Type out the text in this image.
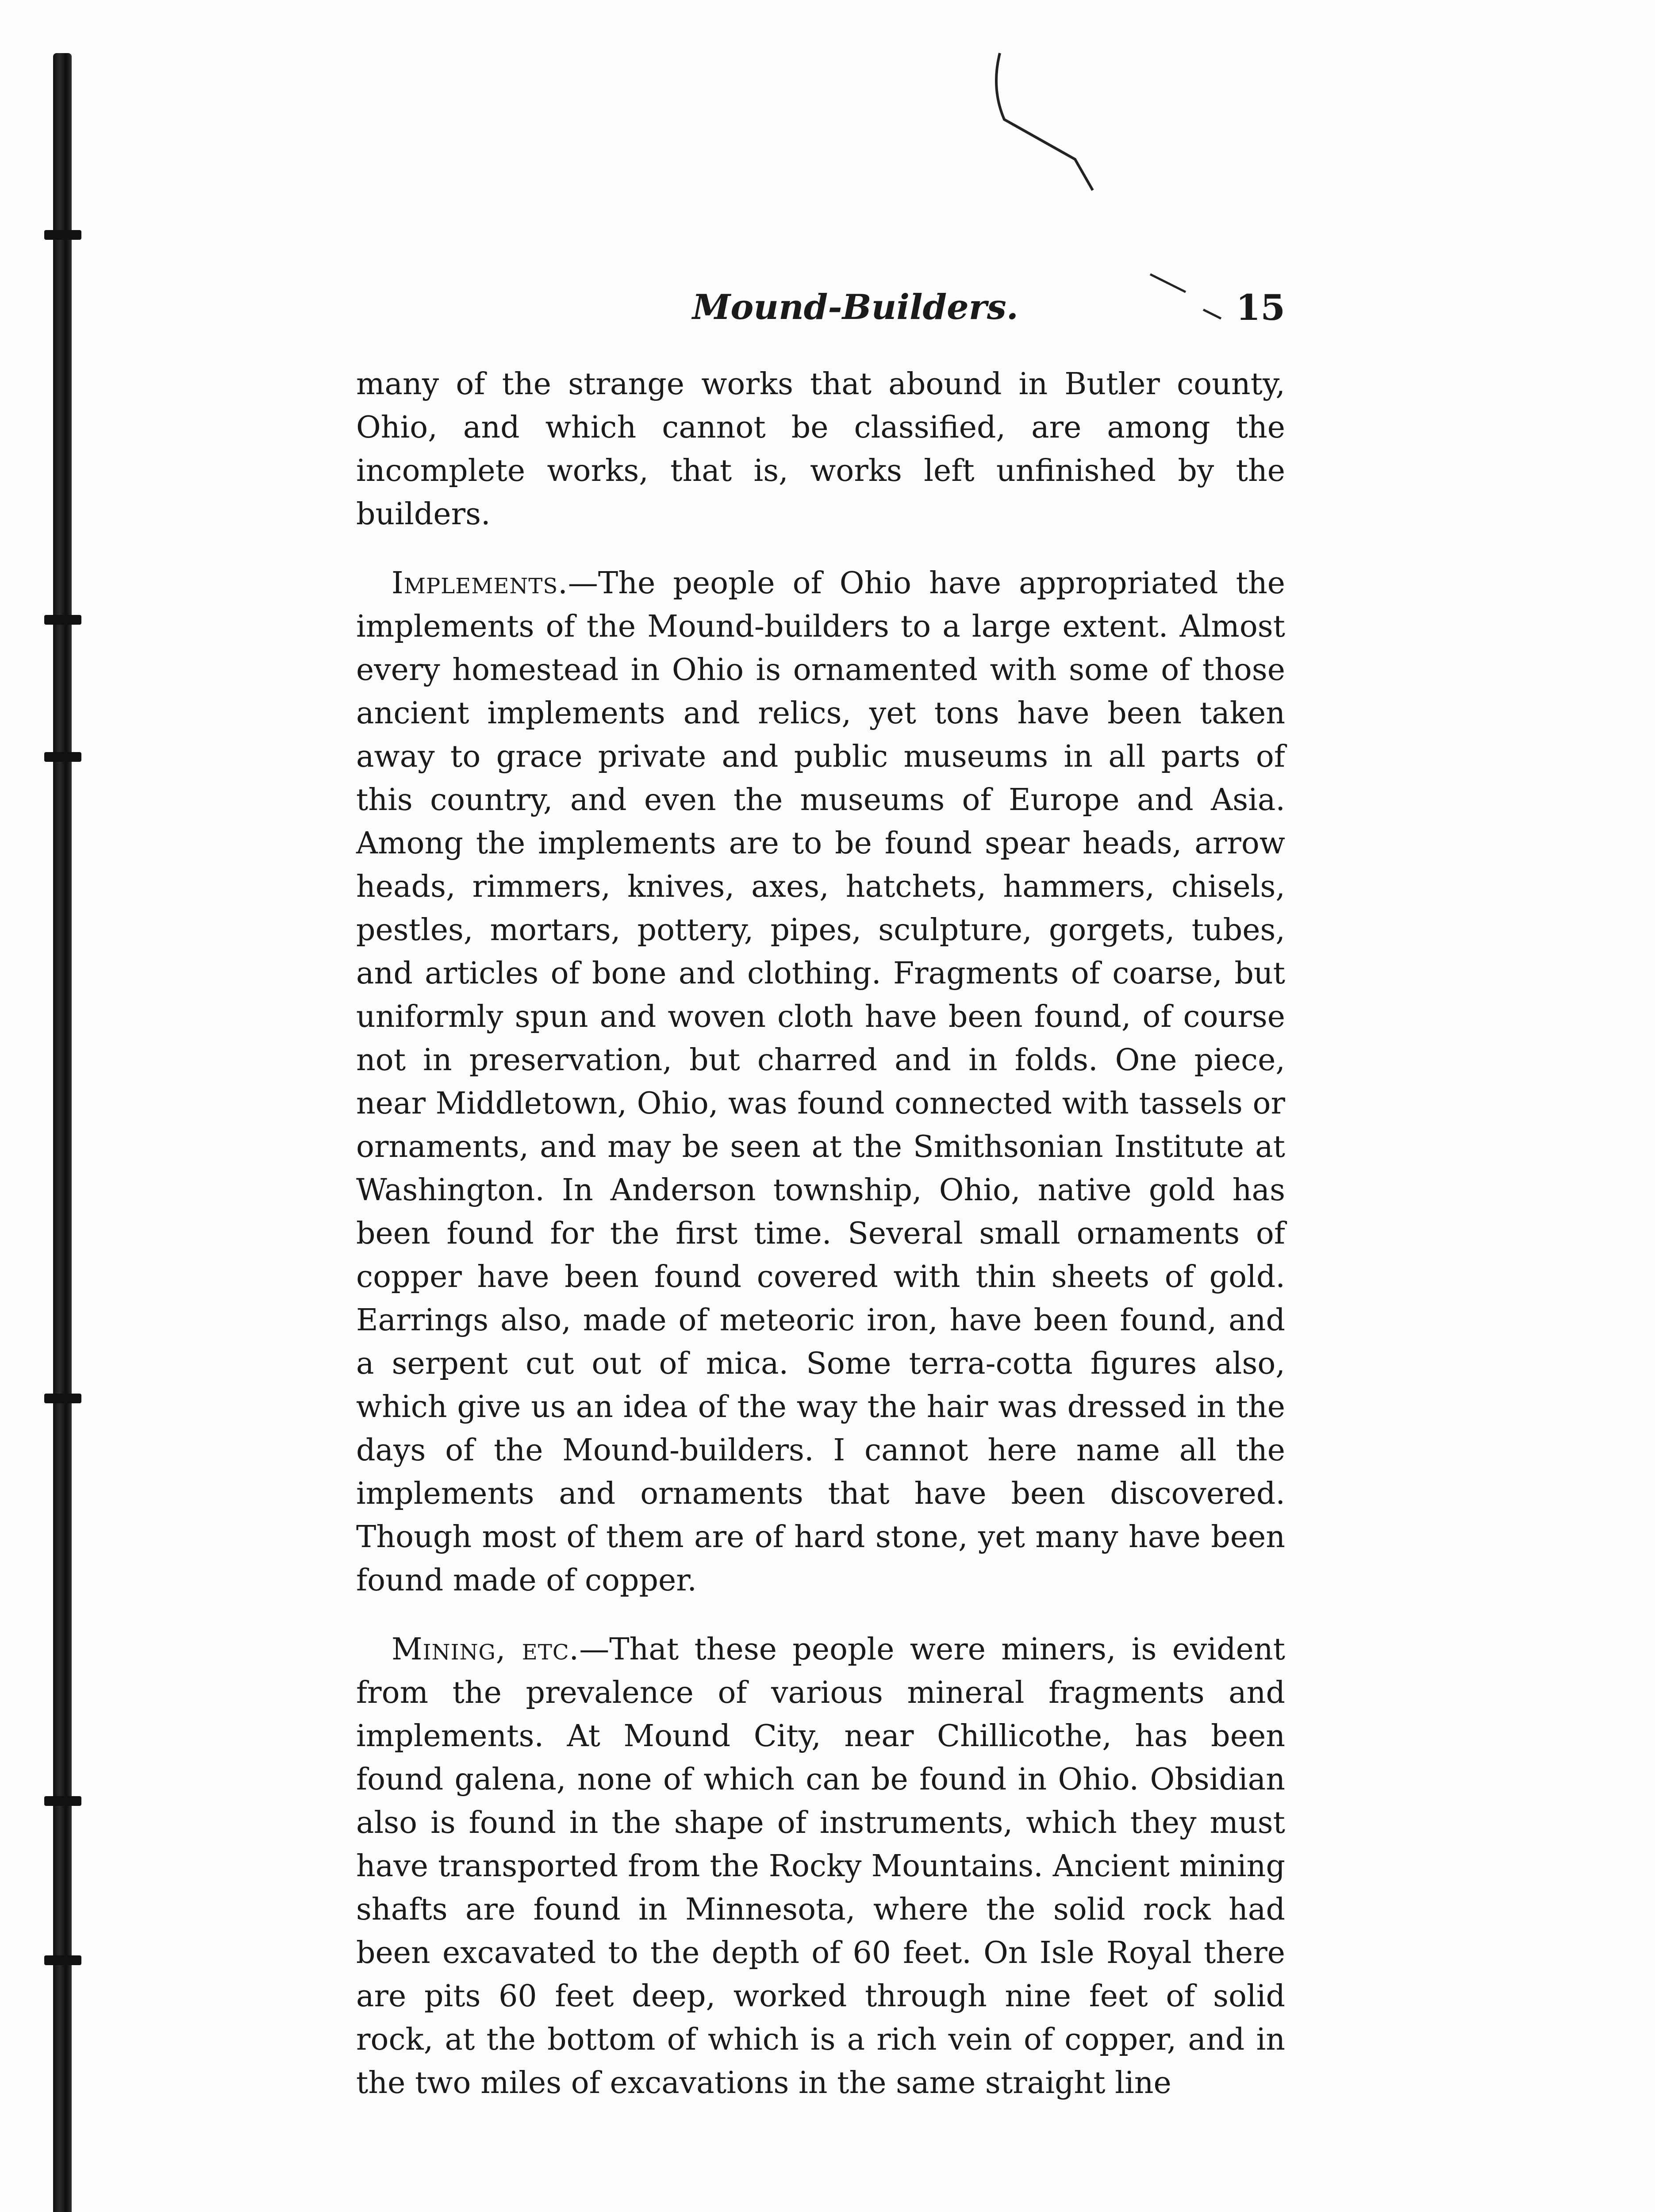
Mound-Builders.	15

many of the strange works that abound in Butler county, Ohio, and which cannot be classified, are among the incomplete works, that is, works left unfinished by the builders.

Implements.—The people of Ohio have appropriated the implements of the Mound-builders to a large extent. Almost every homestead in Ohio is ornamented with some of those ancient implements and relics, yet tons have been taken away to grace private and public museums in all parts of this country, and even the museums of Europe and Asia. Among the implements are to be found spear heads, arrow heads, rimmers, knives, axes, hatchets, hammers, chisels, pestles, mortars, pottery, pipes, sculpture, gorgets, tubes, and articles of bone and clothing. Fragments of coarse, but uniformly spun and woven cloth have been found, of course not in preservation, but charred and in folds. One piece, near Middletown, Ohio, was found connected with tassels or ornaments, and may be seen at the Smithsonian Institute at Washington. In Anderson township, Ohio, native gold has been found for the first time. Several small ornaments of copper have been found covered with thin sheets of gold. Earrings also, made of meteoric iron, have been found, and a serpent cut out of mica. Some terra-cotta figures also, which give us an idea of the way the hair was dressed in the days of the Mound-builders. I cannot here name all the implements and ornaments that have been discovered. Though most of them are of hard stone, yet many have been found made of copper.

Mining, etc.—That these people were miners, is evident from the prevalence of various mineral fragments and implements. At Mound City, near Chillicothe, has been found galena, none of which can be found in Ohio. Obsidian also is found in the shape of instruments, which they must have transported from the Rocky Mountains. Ancient mining shafts are found in Minnesota, where the solid rock had been excavated to the depth of 60 feet. On Isle Royal there are pits 60 feet deep, worked through nine feet of solid rock, at the bottom of which is a rich vein of copper, and in the two miles of excavations in the same straight line
